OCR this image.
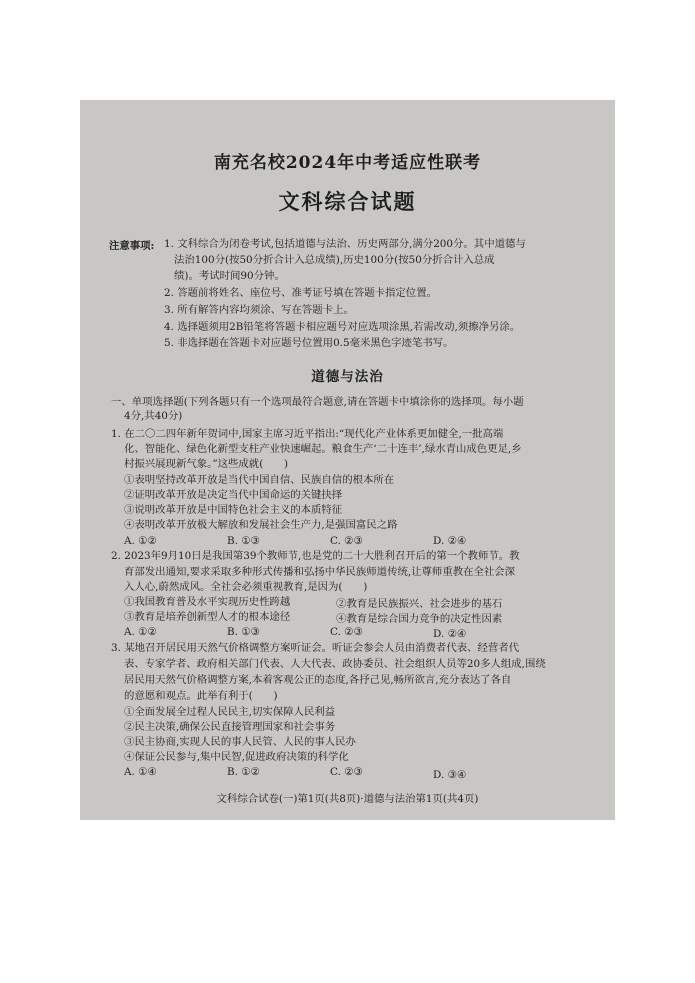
南充名校2024年中考适应性联考
文科综合试题
注意事项: 1. 文科综合为闭卷考试,包括道德与法治、历史两部分,满分200分。其中道德与
法治100分(按50分折合计入总成绩),历史100分(按50分折合计入总成
绩)。考试时间90分钟。
2. 答题前将姓名、座位号、准考证号填在答题卡指定位置。
3. 所有解答内容均须涂、写在答题卡上。
4. 选择题须用2B铅笔将答题卡相应题号对应选项涂黑,若需改动,须擦净另涂。
5. 非选择题在答题卡对应题号位置用0.5毫米黑色字迹笔书写。
道德与法治
一、单项选择题(下列各题只有一个选项最符合题意,请在答题卡中填涂你的选择项。每小题
4分,共40分)
1. 在二〇二四年新年贺词中,国家主席习近平指出:“现代化产业体系更加健全,一批高端
化、智能化、绿色化新型支柱产业快速崛起。粮食生产‘二十连丰’,绿水青山成色更足,乡
村振兴展现新气象。”这些成就(　　)
①表明坚持改革开放是当代中国自信、民族自信的根本所在
②证明改革开放是决定当代中国命运的关键抉择
③说明改革开放是中国特色社会主义的本质特征
④表明改革开放极大解放和发展社会生产力,是强国富民之路
A. ①②	B. ①③	C. ②③	D. ②④
2. 2023年9月10日是我国第39个教师节,也是党的二十大胜利召开后的第一个教师节。教
育部发出通知,要求采取多种形式传播和弘扬中华民族师道传统,让尊师重教在全社会深
入人心,蔚然成风。全社会必须重视教育,是因为(　　)
①我国教育普及水平实现历史性跨越	②教育是民族振兴、社会进步的基石
③教育是培养创新型人才的根本途径	④教育是综合国力竞争的决定性因素
A. ①②	B. ①③	C. ②③	D. ②④
3. 某地召开居民用天然气价格调整方案听证会。听证会参会人员由消费者代表、经营者代
表、专家学者、政府相关部门代表、人大代表、政协委员、社会组织人员等20多人组成,围绕
居民用天然气价格调整方案,本着客观公正的态度,各抒己见,畅所欲言,充分表达了各自
的意愿和观点。此举有利于(　　)
①全面发展全过程人民民主,切实保障人民利益
②民主决策,确保公民直接管理国家和社会事务
③民主协商,实现人民的事人民管、人民的事人民办
④保证公民参与,集中民智,促进政府决策的科学化
A. ①④	B. ①②	C. ②③	D. ③④
文科综合试卷(一)第1页(共8页)·道德与法治第1页(共4页)
